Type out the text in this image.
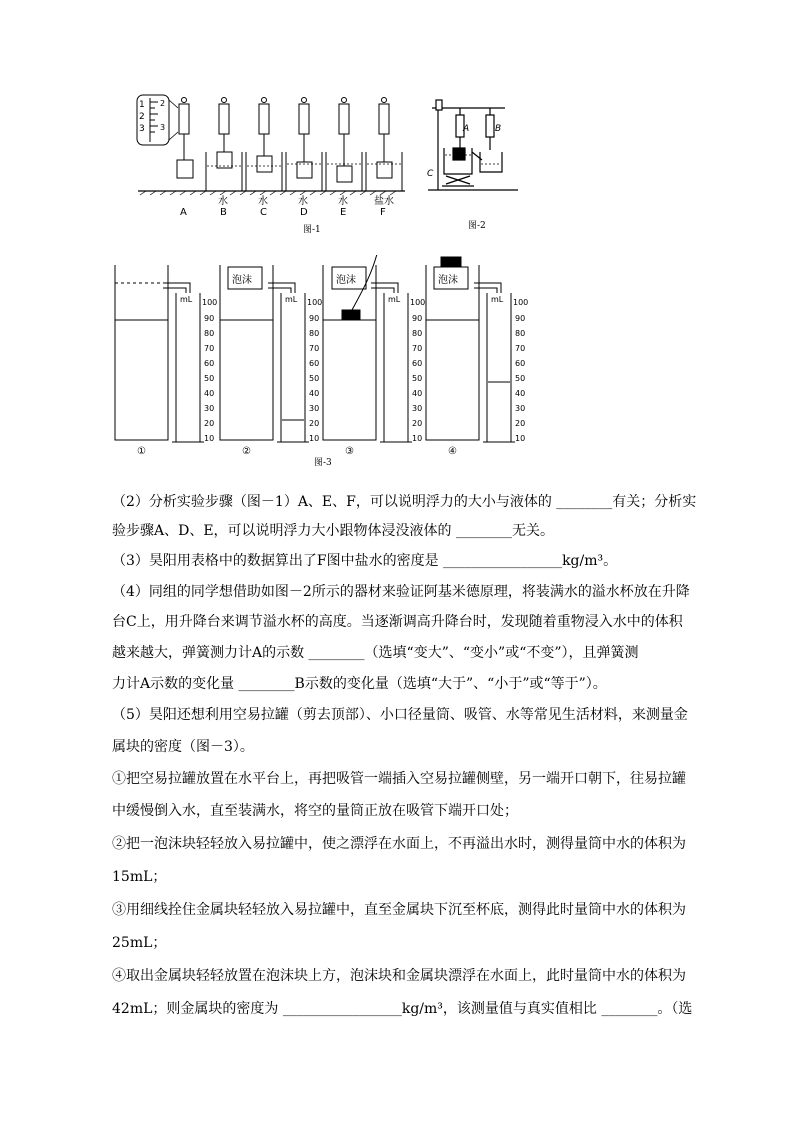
1
2
3
2
3
水	水	水	水	盐水
A	B	C	D	E	F
图-1
A	B
C
图-2
泡沫	泡沫	泡沫
mL	mL	mL	mL
100
90
80
70
60
50
40
30
20
10
100
90
80
70
60
50
40
30
20
10
100
90
80
70
60
50
40
30
20
10
100
90
80
70
60
50
40
30
20
10
①	②	③	④
图-3
（2）分析实验步骤（图－1）A、E、F，可以说明浮力的大小与液体的 ________有关；分析实
验步骤A、D、E，可以说明浮力大小跟物体浸没液体的 ________无关。
（3）昊阳用表格中的数据算出了F图中盐水的密度是 _________________kg/m³。
（4）同组的同学想借助如图－2所示的器材来验证阿基米德原理，将装满水的溢水杯放在升降
台C上，用升降台来调节溢水杯的高度。当逐渐调高升降台时，发现随着重物浸入水中的体积
越来越大，弹簧测力计A的示数 ________（选填“变大”、“变小”或“不变”），且弹簧测
力计A示数的变化量 ________B示数的变化量（选填“大于”、“小于”或“等于”）。
（5）昊阳还想利用空易拉罐（剪去顶部）、小口径量筒、吸管、水等常见生活材料，来测量金
属块的密度（图－3）。
①把空易拉罐放置在水平台上，再把吸管一端插入空易拉罐侧壁，另一端开口朝下，往易拉罐
中缓慢倒入水，直至装满水，将空的量筒正放在吸管下端开口处；
②把一泡沫块轻轻放入易拉罐中，使之漂浮在水面上，不再溢出水时，测得量筒中水的体积为
15mL；
③用细线拴住金属块轻轻放入易拉罐中，直至金属块下沉至杯底，测得此时量筒中水的体积为
25mL；
④取出金属块轻轻放置在泡沫块上方，泡沫块和金属块漂浮在水面上，此时量筒中水的体积为
42mL；则金属块的密度为 _________________kg/m³，该测量值与真实值相比 ________。（选
